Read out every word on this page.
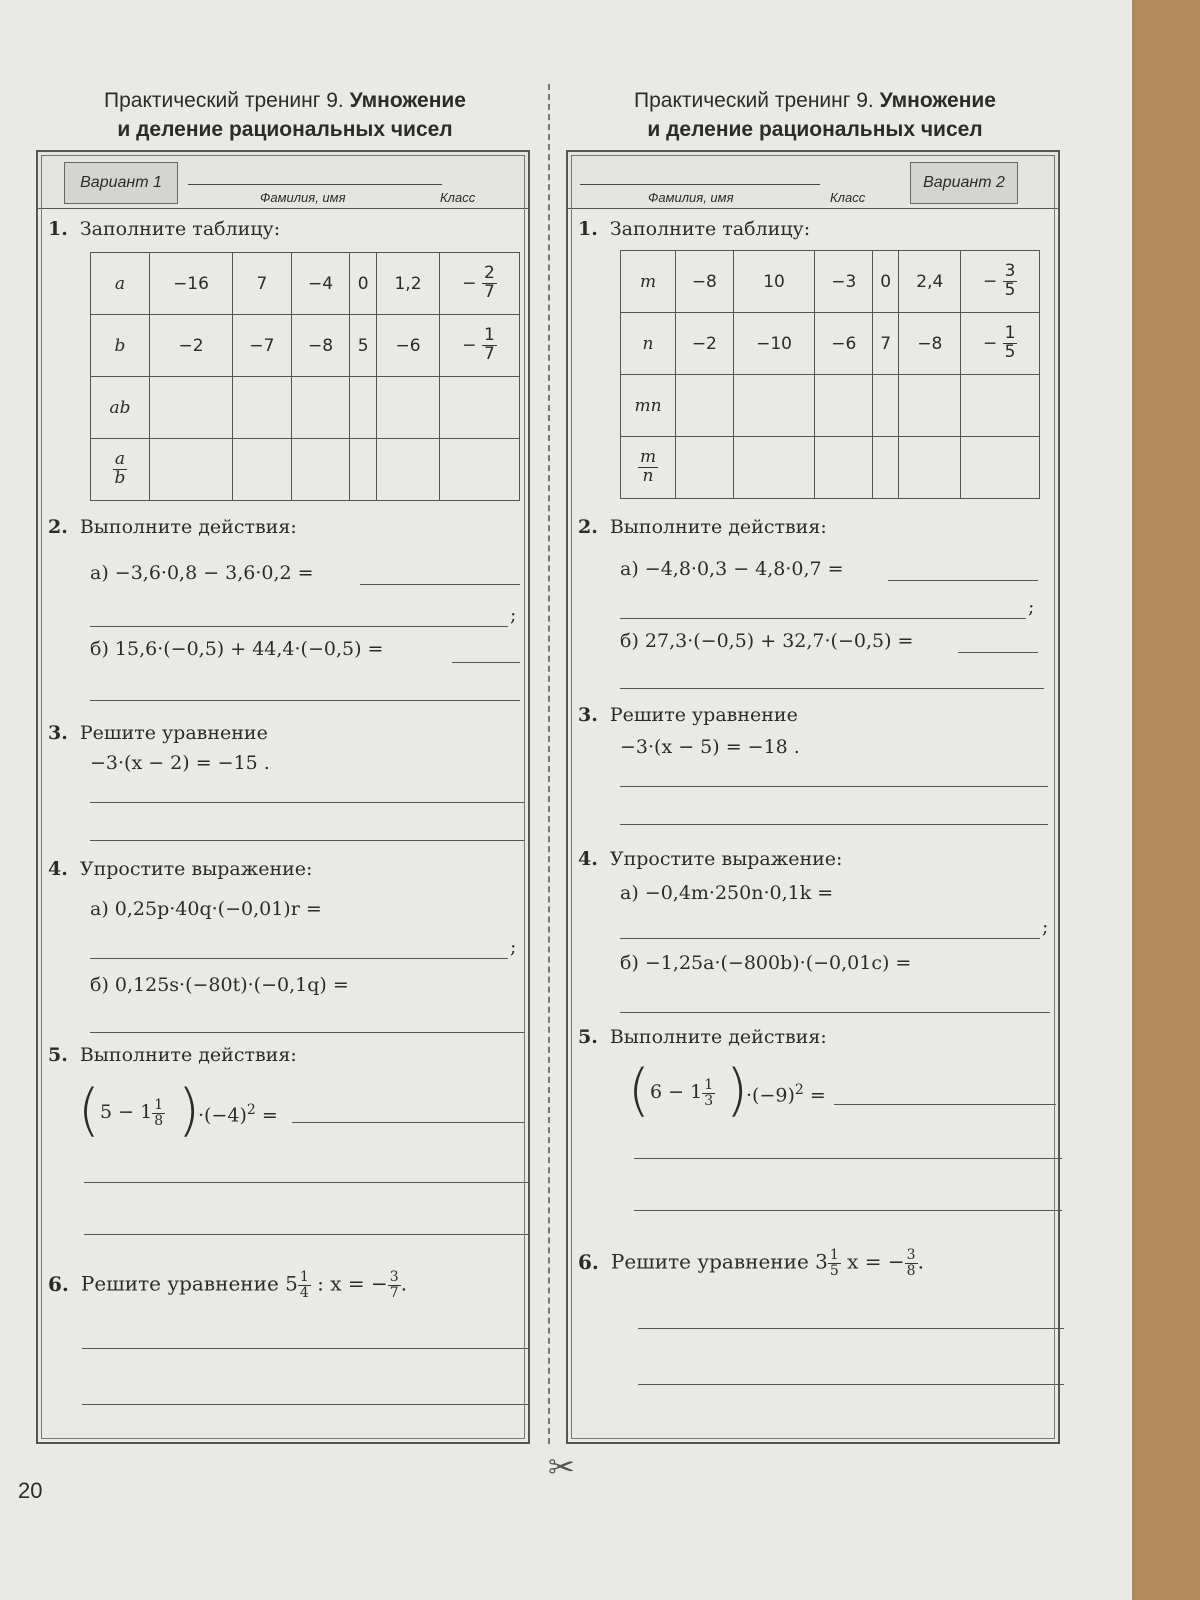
Практический тренинг 9. Умножение
и деление рациональных чисел
Вариант 1
Фамилия, имя	Класс
1. Заполните таблицу:
a	−16	7	−4	0	1,2	− $\frac{2}{7}$

b	−2	−7	−8	5	−6	− $\frac{1}{7}$

ab						

$\frac{a}{b}$

2. Выполните действия:
а) −3,6·0,8 − 3,6·0,2 =
;
б) 15,6·(−0,5) + 44,4·(−0,5) =
3. Решите уравнение
−3·(x − 2) = −15 .
4. Упростите выражение:
а) 0,25p·40q·(−0,01)r =
;
б) 0,125s·(−80t)·(−0,1q) =
5. Выполните действия:
( $5 - 1 \frac{1}{8}$ )
$\cdot(-4)^2$ =
6. Решите уравнение $5 \frac{1}{4}$ : x = − $\frac{3}{7}$ .
Практический тренинг 9. Умножение
и деление рациональных чисел
Фамилия, имя	Класс
Вариант 2
1. Заполните таблицу:
m	−8	10	−3	0	2,4	− $\frac{3}{5}$

n	−2	−10	−6	7	−8	− $\frac{1}{5}$

mn						

$\frac{m}{n}$

2. Выполните действия:
а) −4,8·0,3 − 4,8·0,7 =
;
б) 27,3·(−0,5) + 32,7·(−0,5) =
3. Решите уравнение
−3·(x − 5) = −18 .
4. Упростите выражение:
а) −0,4m·250n·0,1k =
;
б) −1,25a·(−800b)·(−0,01c) =
5. Выполните действия:
( $6 - 1 \frac{1}{3}$ )
$\cdot(-9)^2$ =
6. Решите уравнение $3 \frac{1}{5}$ x = − $\frac{3}{8}$ .
✂
20
